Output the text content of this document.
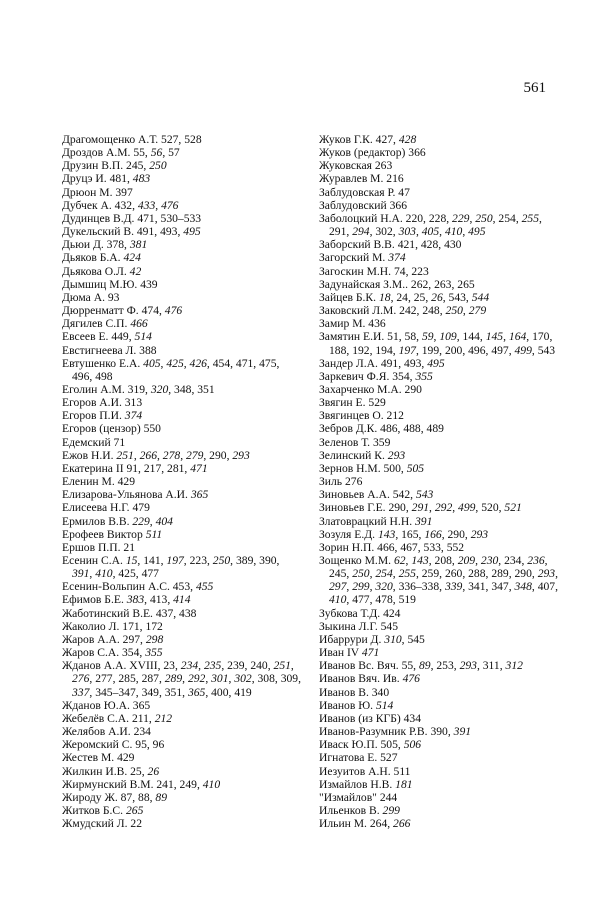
561

Драгомощенко А.Т. 527, 528

Дроздов А.М. 55, 56, 57

Друзин В.П. 245, 250

Друцэ И. 481, 483

Дрюон М. 397

Дубчек А. 432, 433, 476

Дудинцев В.Д. 471, 530–533

Дукельский В. 491, 493, 495

Дьюи Д. 378, 381

Дьяков Б.А. 424

Дьякова О.Л. 42

Дымшиц М.Ю. 439

Дюма А. 93

Дюрренматт Ф. 474, 476

Дягилев С.П. 466

Евсеев Е. 449, 514

Евстигнеева Л. 388

Евтушенко Е.А. 405, 425, 426, 454, 471, 475, 496, 498

Еголин А.М. 319, 320, 348, 351

Егоров А.И. 313

Егоров П.И. 374

Егоров (цензор) 550

Едемский 71

Ежов Н.И. 251, 266, 278, 279, 290, 293

Екатерина II 91, 217, 281, 471

Еленин М. 429

Елизарова-Ульянова А.И. 365

Елисеева Н.Г. 479

Ермилов В.В. 229, 404

Ерофеев Виктор 511

Ершов П.П. 21

Есенин С.А. 15, 141, 197, 223, 250, 389, 390, 391, 410, 425, 477

Есенин-Вольпин А.С. 453, 455

Ефимов Б.Е. 383, 413, 414

Жаботинский В.Е. 437, 438

Жаколио Л. 171, 172

Жаров А.А. 297, 298

Жаров С.А. 354, 355

Жданов А.А. XVIII, 23, 234, 235, 239, 240, 251, 276, 277, 285, 287, 289, 292, 301, 302, 308, 309, 337, 345–347, 349, 351, 365, 400, 419

Жданов Ю.А. 365

Жебелёв С.А. 211, 212

Желябов А.И. 234

Жеромский С. 95, 96

Жестев М. 429

Жилкин И.В. 25, 26

Жирмунский В.М. 241, 249, 410

Жироду Ж. 87, 88, 89

Житков Б.С. 265

Жмудский Л. 22

Жуков Г.К. 427, 428

Жуков (редактор) 366

Жуковская 263

Журавлев М. 216

Заблудовская Р. 47

Заблудовский 366

Заболоцкий Н.А. 220, 228, 229, 250, 254, 255, 291, 294, 302, 303, 405, 410, 495

Заборский В.В. 421, 428, 430

Загорский М. 374

Загоскин М.Н. 74, 223

Задунайская З.М.. 262, 263, 265

Зайцев Б.К. 18, 24, 25, 26, 543, 544

Заковский Л.М. 242, 248, 250, 279

Замир М. 436

Замятин Е.И. 51, 58, 59, 109, 144, 145, 164, 170, 188, 192, 194, 197, 199, 200, 496, 497, 499, 543

Зандер Л.А. 491, 493, 495

Заркевич Ф.Я. 354, 355

Захарченко М.А. 290

Звягин Е. 529

Звягинцев О. 212

Зебров Д.К. 486, 488, 489

Зеленов Т. 359

Зелинский К. 293

Зернов Н.М. 500, 505

Зиль 276

Зиновьев А.А. 542, 543

Зиновьев Г.Е. 290, 291, 292, 499, 520, 521

Златоврацкий Н.Н. 391

Зозуля Е.Д. 143, 165, 166, 290, 293

Зорин Н.П. 466, 467, 533, 552

Зощенко М.М. 62, 143, 208, 209, 230, 234, 236, 245, 250, 254, 255, 259, 260, 288, 289, 290, 293, 297, 299, 320, 336–338, 339, 341, 347, 348, 407, 410, 477, 478, 519

Зубкова Т.Д. 424

Зыкина Л.Г. 545

Ибаррури Д. 310, 545

Иван IV 471

Иванов Вс. Вяч. 55, 89, 253, 293, 311, 312

Иванов Вяч. Ив. 476

Иванов В. 340

Иванов Ю. 514

Иванов (из КГБ) 434

Иванов-Разумник Р.В. 390, 391

Иваск Ю.П. 505, 506

Игнатова Е. 527

Иезуитов А.Н. 511

Измайлов Н.В. 181

"Измайлов" 244

Ильенков В. 299

Ильин М. 264, 266
